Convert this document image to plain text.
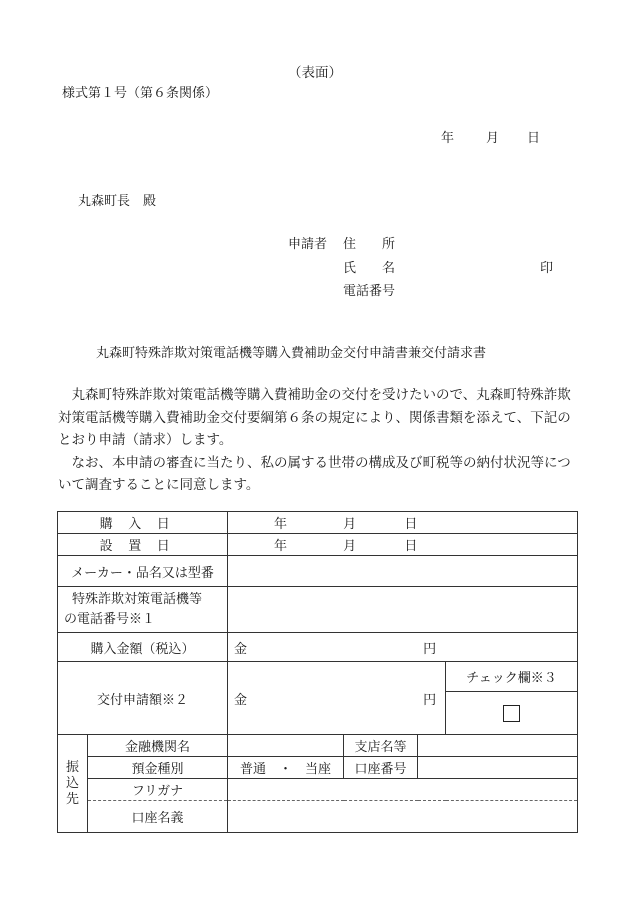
（表面）
様式第１号（第６条関係）
年 月 日
丸森町長　殿
申請者 住　　所
氏　　名	印
電話番号
丸森町特殊詐欺対策電話機等購入費補助金交付申請書兼交付請求書

丸森町特殊詐欺対策電話機等購入費補助金の交付を受けたいので、丸森町特殊詐欺対策電話機等購入費補助金交付要綱第６条の規定により、関係書類を添えて、下記のとおり申請（請求）します。

なお、本申請の審査に当たり、私の属する世帯の構成及び町税等の納付状況等について調査することに同意します。

購入日		年 月 日			
設置日		年 月 日			
メーカー・品名又は型番					

特殊詐欺対策電話機等
の電話番号※１					

購入金額（税込）		金 円			
交付申請額※２		金 円			チェック欄※３

振込先	金融機関名		支店名等		
	預金種別	普通　・　当座	口座番号		
	フリガナ				
	口座名義				
